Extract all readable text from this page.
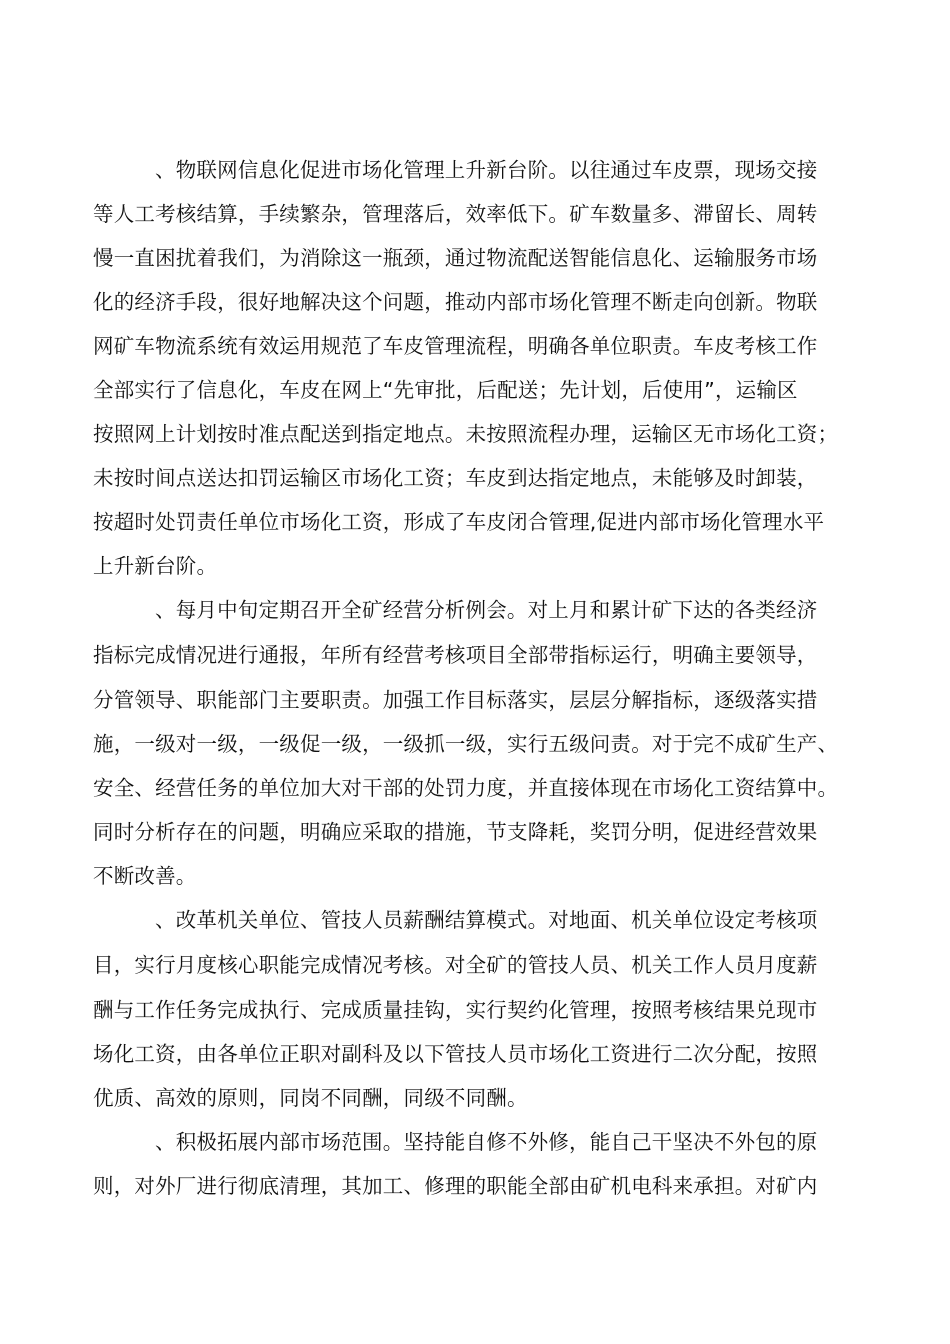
、物联网信息化促进市场化管理上升新台阶。以往通过车皮票，现场交接
等人工考核结算，手续繁杂，管理落后，效率低下。矿车数量多、滞留长、周转
慢一直困扰着我们，为消除这一瓶颈，通过物流配送智能信息化、运输服务市场
化的经济手段，很好地解决这个问题，推动内部市场化管理不断走向创新。物联
网矿车物流系统有效运用规范了车皮管理流程，明确各单位职责。车皮考核工作
全部实行了信息化，车皮在网上“先审批，后配送；先计划，后使用”，运输区
按照网上计划按时准点配送到指定地点。未按照流程办理，运输区无市场化工资；
未按时间点送达扣罚运输区市场化工资；车皮到达指定地点，未能够及时卸装，
按超时处罚责任单位市场化工资，形成了车皮闭合管理,促进内部市场化管理水平
上升新台阶。
、每月中旬定期召开全矿经营分析例会。对上月和累计矿下达的各类经济
指标完成情况进行通报，年所有经营考核项目全部带指标运行，明确主要领导，
分管领导、职能部门主要职责。加强工作目标落实，层层分解指标，逐级落实措
施，一级对一级，一级促一级，一级抓一级，实行五级问责。对于完不成矿生产、
安全、经营任务的单位加大对干部的处罚力度，并直接体现在市场化工资结算中。
同时分析存在的问题，明确应采取的措施，节支降耗，奖罚分明，促进经营效果
不断改善。
、改革机关单位、管技人员薪酬结算模式。对地面、机关单位设定考核项
目，实行月度核心职能完成情况考核。对全矿的管技人员、机关工作人员月度薪
酬与工作任务完成执行、完成质量挂钩，实行契约化管理，按照考核结果兑现市
场化工资，由各单位正职对副科及以下管技人员市场化工资进行二次分配，按照
优质、高效的原则，同岗不同酬，同级不同酬。
、积极拓展内部市场范围。坚持能自修不外修，能自己干坚决不外包的原
则，对外厂进行彻底清理，其加工、修理的职能全部由矿机电科来承担。对矿内
